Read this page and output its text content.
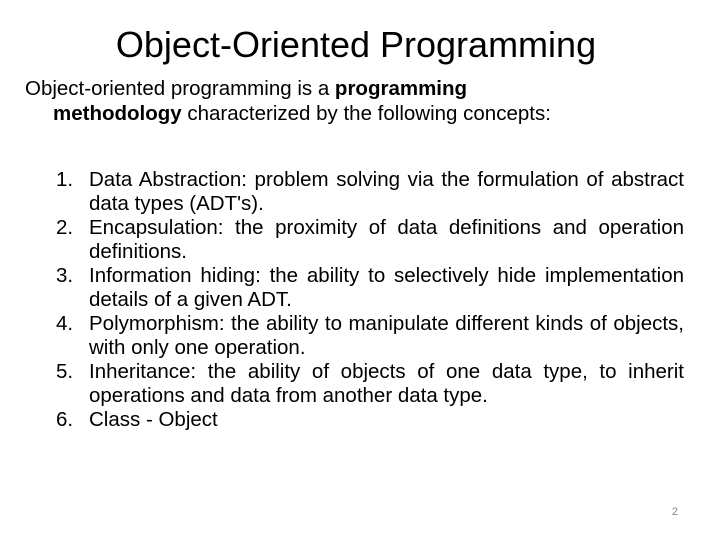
Object-Oriented Programming
Object-oriented programming is a programming
methodology characterized by the following concepts:
1. Data Abstraction: problem solving via the formulation of abstract data types (ADT's).
2. Encapsulation: the proximity of data definitions and operation definitions.
3. Information hiding: the ability to selectively hide implementation details of a given ADT.
4. Polymorphism: the ability to manipulate different kinds of objects, with only one operation.
5. Inheritance: the ability of objects of one data type, to inherit operations and data from another data type.
6. Class - Object
2
